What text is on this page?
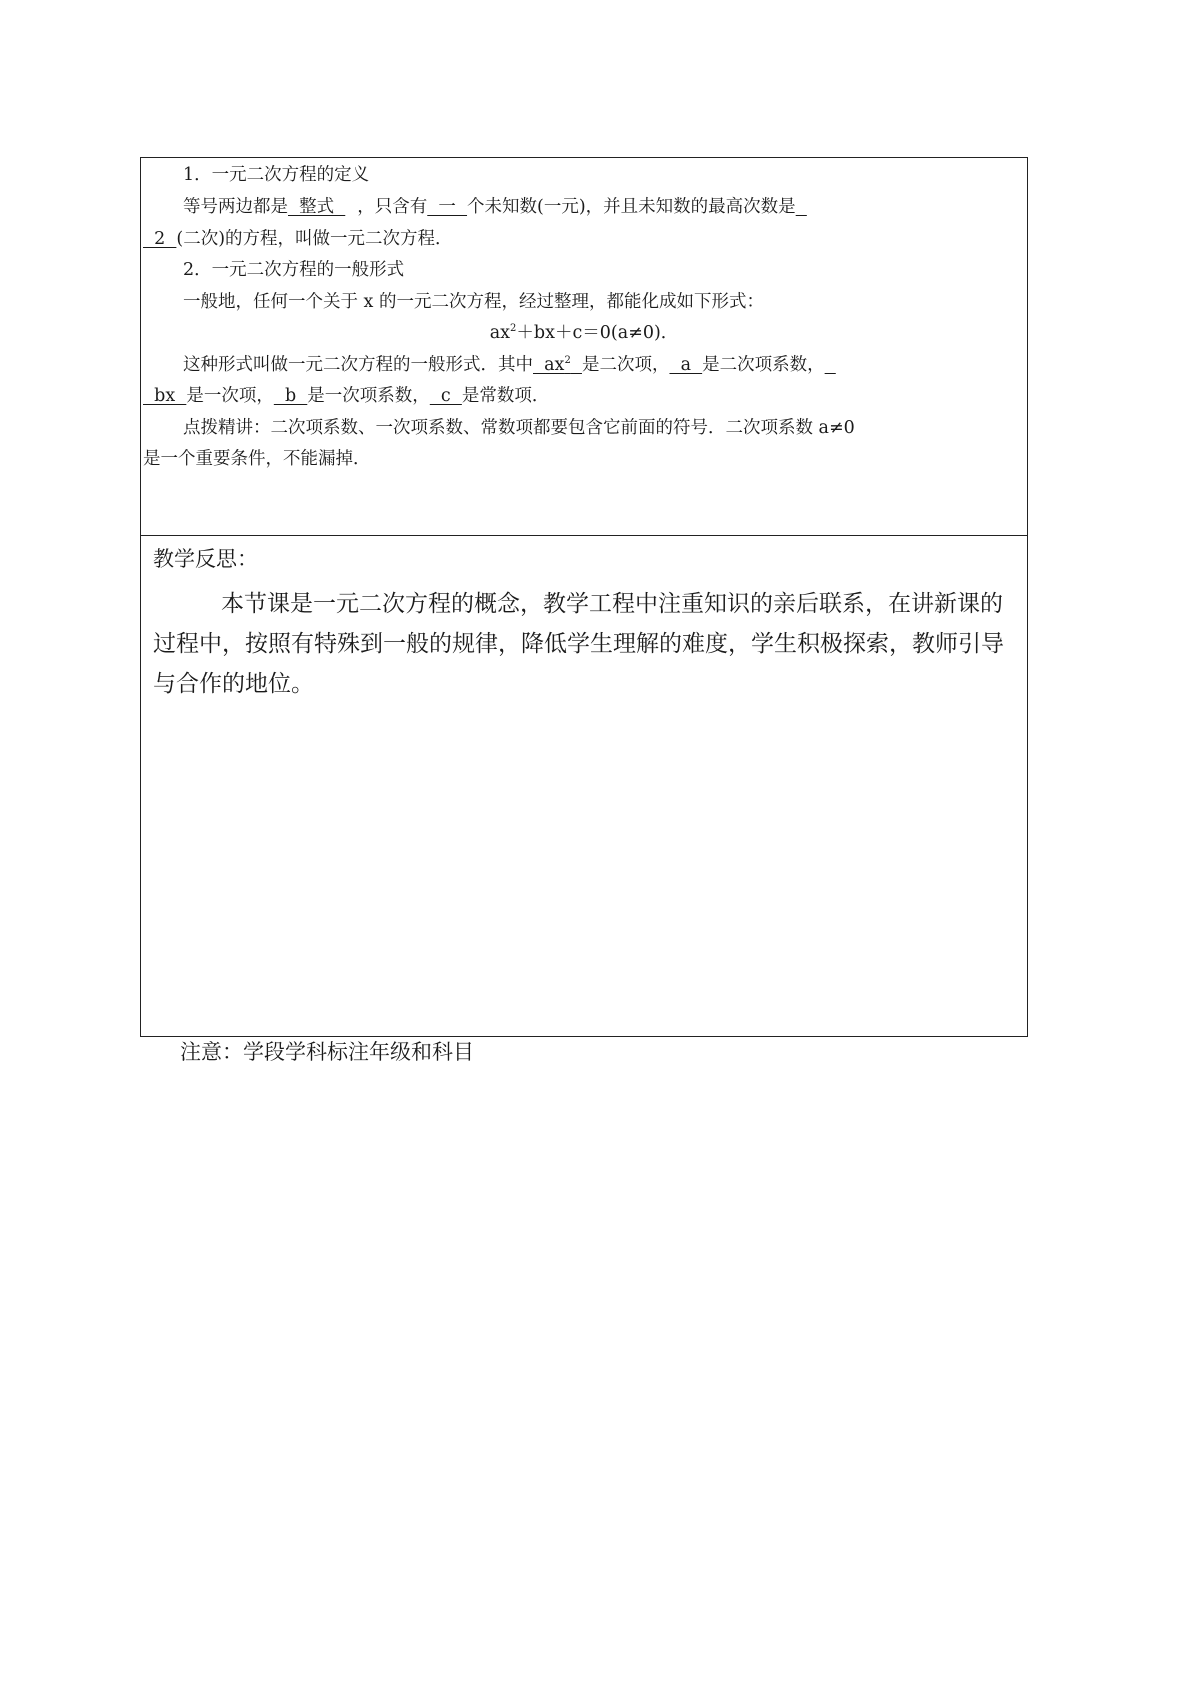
1．一元二次方程的定义
等号两边都是  整式  ，只含有  一  个未知数(一元)，并且未知数的最高次数是
2  (二次)的方程，叫做一元二次方程．
2．一元二次方程的一般形式
一般地，任何一个关于 x 的一元二次方程，经过整理，都能化成如下形式：
$ax^2+bx+c=0(a\ne 0)$．
这种形式叫做一元二次方程的一般形式．其中  $ax^2$ 是二次项，  a  是二次项系数，
bx  是一次项，  b  是一次项系数，  c  是常数项．
点拨精讲：二次项系数、一次项系数、常数项都要包含它前面的符号．二次项系数 a≠0
是一个重要条件，不能漏掉．
教学反思：
本节课是一元二次方程的概念，教学工程中注重知识的亲后联系，在讲新课的过程中，按照有特殊到一般的规律，降低学生理解的难度，学生积极探索，教师引导与合作的地位。
注意：学段学科标注年级和科目
